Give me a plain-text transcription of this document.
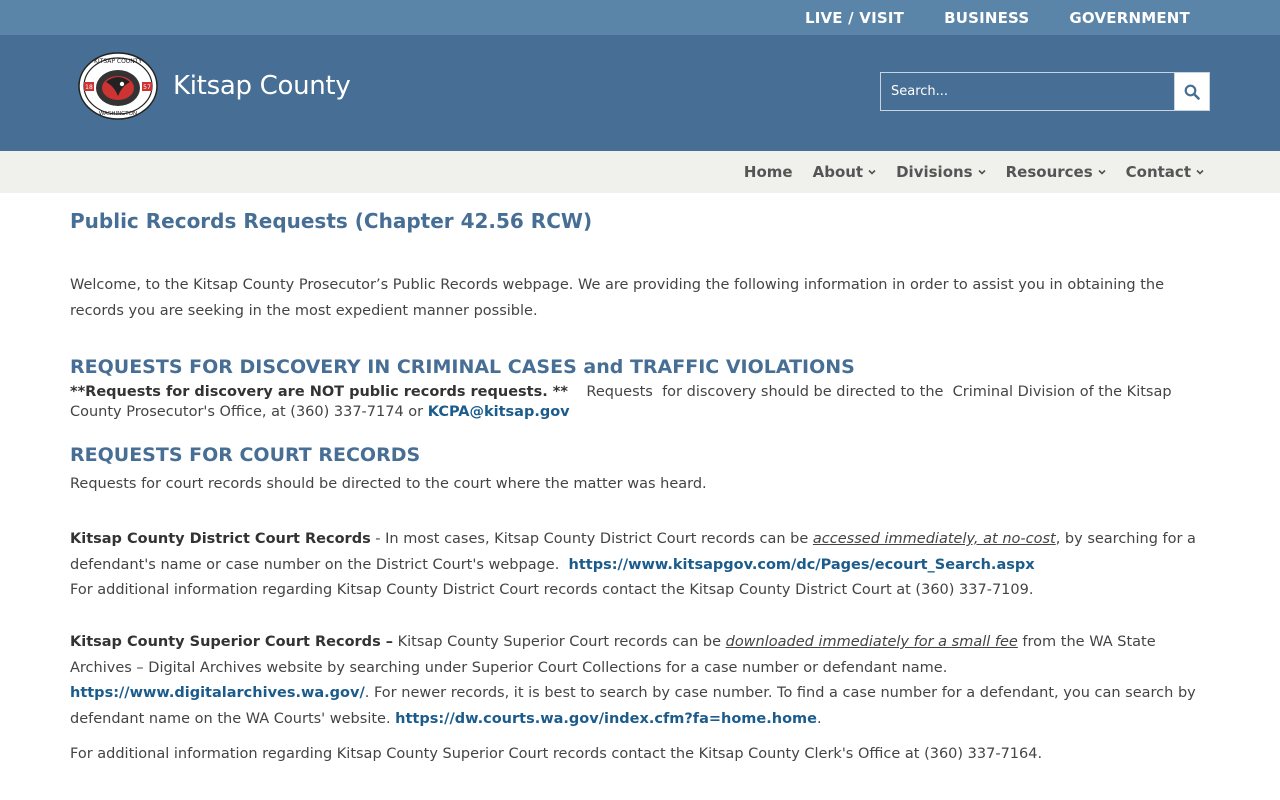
LIVE / VISIT	BUSINESS	GOVERNMENT
18	57
KITSAP COUNTY
WASHINGTON
Kitsap County
Search...
Home About Divisions Resources Contact
Public Records Requests (Chapter 42.56 RCW)

Welcome, to the Kitsap County Prosecutor’s Public Records webpage. We are providing the following information in order to assist you in obtaining the records you are seeking in the most expedient manner possible.

REQUESTS FOR DISCOVERY IN CRIMINAL CASES and TRAFFIC VIOLATIONS

**Requests for discovery are NOT public records requests. **    Requests  for discovery should be directed to the  Criminal Division of the Kitsap County Prosecutor's Office, at (360) 337-7174 or KCPA@kitsap.gov

REQUESTS FOR COURT RECORDS

Requests for court records should be directed to the court where the matter was heard.

Kitsap County District Court Records - In most cases, Kitsap County District Court records can be accessed immediately, at no-cost, by searching for a defendant's name or case number on the District Court's webpage.  https://www.kitsapgov.com/dc/Pages/ecourt_Search.aspx

For additional information regarding Kitsap County District Court records contact the Kitsap County District Court at (360) 337-7109.

Kitsap County Superior Court Records – Kitsap County Superior Court records can be downloaded immediately for a small fee from the WA State Archives – Digital Archives website by searching under Superior Court Collections for a case number or defendant name.   https://www.digitalarchives.wa.gov/. For newer records, it is best to search by case number. To find a case number for a defendant, you can search by defendant name on the WA Courts' website. https://dw.courts.wa.gov/index.cfm?fa=home.home.

For additional information regarding Kitsap County Superior Court records contact the Kitsap County Clerk's Office at (360) 337-7164.
